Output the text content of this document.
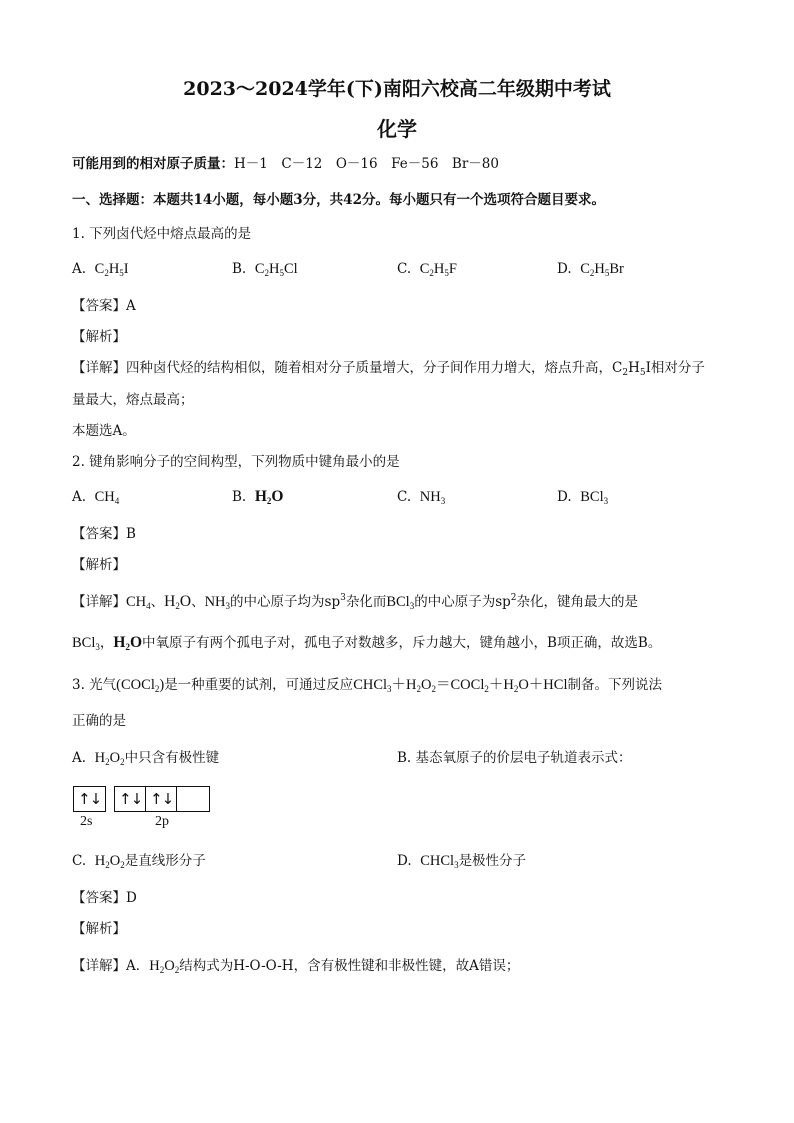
2023～2024学年(下)南阳六校高二年级期中考试
化学
可能用到的相对原子质量：H－1　C－12　O－16　Fe－56　Br－80
一、选择题：本题共14小题，每小题3分，共42分。每小题只有一个选项符合题目要求。
1. 下列卤代烃中熔点最高的是
A. $C_2H_5I$	B. $C_2H_5Cl$	C. $C_2H_5F$	D. $C_2H_5Br$
【答案】A
【解析】
【详解】四种卤代烃的结构相似，随着相对分子质量增大，分子间作用力增大，熔点升高，$C_2H_5I$相对分子
量最大，熔点最高；
本题选A。
2. 键角影响分子的空间构型，下列物质中键角最小的是
A. $CH_4$	B. $H_2O$	C. $NH_3$	D. BCl$_3$
【答案】B
【解析】
【详解】$CH_4$、$H_2O$、$NH_3$的中心原子均为$sp^3$杂化而BCl$_3$的中心原子为$sp^2$杂化，键角最大的是
BCl$_3$，$H_2O$中氧原子有两个孤电子对，孤电子对数越多，斥力越大，键角越小，B项正确，故选B。
3. 光气(COCl$_2$)是一种重要的试剂，可通过反应$CHCl_3+H_2O_2=COCl_2+H_2O+HCl$制备。下列说法
正确的是
A.  $H_2O_2$中只含有极性键	B. 基态氧原子的价层电子轨道表示式：
↑↓ ↑↓ ↑↓
2s	2p
C.  $H_2O_2$是直线形分子	D.  CHCl$_3$是极性分子
【答案】D
【解析】
【详解】A．$H_2O_2$结构式为H-O-O-H，含有极性键和非极性键，故A错误；
